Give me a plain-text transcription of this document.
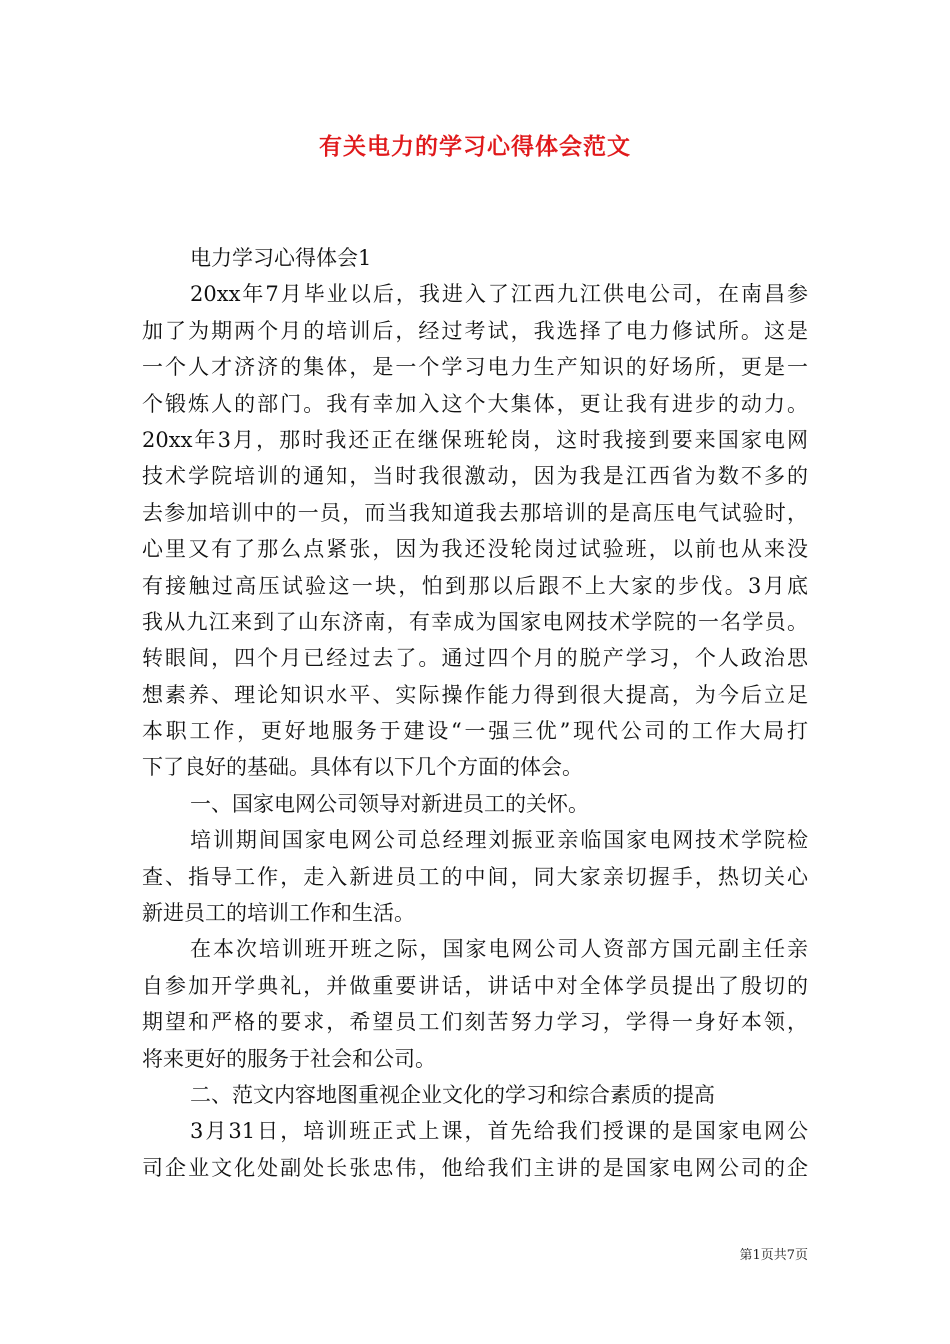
有关电力的学习心得体会范文
电力学习心得体会1
20xx年7月毕业以后，我进入了江西九江供电公司，在南昌参
加了为期两个月的培训后，经过考试，我选择了电力修试所。这是
一个人才济济的集体，是一个学习电力生产知识的好场所，更是一
个锻炼人的部门。我有幸加入这个大集体，更让我有进步的动力。
20xx年3月，那时我还正在继保班轮岗，这时我接到要来国家电网
技术学院培训的通知，当时我很激动，因为我是江西省为数不多的
去参加培训中的一员，而当我知道我去那培训的是高压电气试验时，
心里又有了那么点紧张，因为我还没轮岗过试验班，以前也从来没
有接触过高压试验这一块，怕到那以后跟不上大家的步伐。3月底
我从九江来到了山东济南，有幸成为国家电网技术学院的一名学员。
转眼间，四个月已经过去了。通过四个月的脱产学习，个人政治思
想素养、理论知识水平、实际操作能力得到很大提高，为今后立足
本职工作，更好地服务于建设“一强三优”现代公司的工作大局打
下了良好的基础。具体有以下几个方面的体会。
一、国家电网公司领导对新进员工的关怀。
培训期间国家电网公司总经理刘振亚亲临国家电网技术学院检
查、指导工作，走入新进员工的中间，同大家亲切握手，热切关心
新进员工的培训工作和生活。
在本次培训班开班之际，国家电网公司人资部方国元副主任亲
自参加开学典礼，并做重要讲话，讲话中对全体学员提出了殷切的
期望和严格的要求，希望员工们刻苦努力学习，学得一身好本领，
将来更好的服务于社会和公司。
二、范文内容地图重视企业文化的学习和综合素质的提高
3月31日，培训班正式上课，首先给我们授课的是国家电网公
司企业文化处副处长张忠伟，他给我们主讲的是国家电网公司的企
第1页共7页
